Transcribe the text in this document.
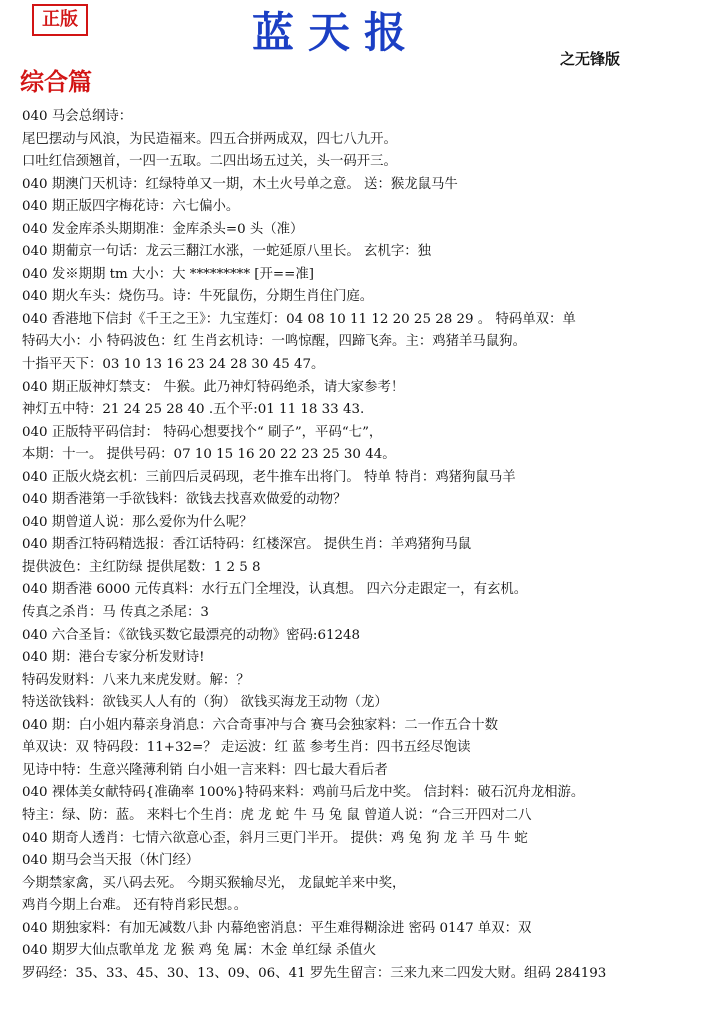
正版	蓝天报
之无锋版
综合篇
040 马会总纲诗：
尾巴摆动与风浪，为民造福来。四五合拼两成双，四七八九开。
口吐红信颈翘首，一四一五取。二四出场五过关，头一码开三。
040 期澳门天机诗：红绿特单又一期，木土火号单之意。 送：猴龙鼠马牛
040 期正版四字梅花诗：六七偏小。
040 发金库杀头期期准：金库杀头=0 头（准）
040 期葡京一句话：龙云三翻江水涨，一蛇延原八里长。 玄机字：独
040 发※期期 tm 大小：大 ********* [开==准]
040 期火车头：烧伤马。诗：牛死鼠伤，分期生肖住门庭。
040 香港地下信封《千王之王》：九宝莲灯：04 08 10 11 12 20 25 28 29 。 特码单双：单
特码大小：小 特码波色：红 生肖玄机诗：一鸣惊醒，四蹄飞奔。主：鸡猪羊马鼠狗。
十指平天下：03 10 13 16 23 24 28 30 45 47。
040 期正版神灯禁支： 牛猴。此乃神灯特码绝杀，请大家参考！
神灯五中特：21 24 25 28 40 .五个平:01 11 18 33 43.
040 正版特平码信封： 特码心想要找个“ 刷子”，平码“七”，
本期：十一。 提供号码：07 10 15 16 20 22 23 25 30 44。
040 正版火烧玄机：三前四后灵码现，老牛推车出将门。 特单 特肖：鸡猪狗鼠马羊
040 期香港第一手欲钱料：欲钱去找喜欢做爱的动物？
040 期曾道人说：那么爱你为什么呢？
040 期香江特码精选报：香江话特码：红楼深宫。 提供生肖：羊鸡猪狗马鼠
提供波色：主红防绿 提供尾数：1 2 5 8
040 期香港 6000 元传真料：水行五门全埋没，认真想。 四六分走跟定一，有玄机。
传真之杀肖：马 传真之杀尾：3
040 六合圣旨：《欲钱买数它最漂亮的动物》密码:61248
040 期：港台专家分析发财诗!
特码发财料：八来九来虎发财。解：？
特送欲钱料：欲钱买人人有的（狗） 欲钱买海龙王动物（龙）
040 期：白小姐内幕亲身消息：六合奇事冲与合 赛马会独家料：二一作五合十数
单双诀：双 特码段：11+32=？ 走运波：红 蓝 参考生肖：四书五经尽饱读
见诗中特：生意兴隆薄利销 白小姐一言来料：四七最大看后者
040 裸体美女献特码{准确率 100%}特码来料：鸡前马后龙中奖。 信封料：破石沉舟龙相游。
特主：绿、防：蓝。 来料七个生肖：虎 龙 蛇 牛 马 兔 鼠 曾道人说：“合三开四对二八
040 期奇人透肖：七情六欲意心歪，斜月三更门半开。 提供：鸡 兔 狗 龙 羊 马 牛 蛇
040 期马会当天报（休门经）
今期禁家禽，买八码去死。 今期买猴输尽光， 龙鼠蛇羊来中奖，
鸡肖今期上台难。 还有特肖彩民想。。
040 期独家料：有加无减数八卦 内幕绝密消息：平生难得糊涂进 密码 0147 单双：双
040 期罗大仙点歌单龙 龙 猴 鸡 兔 属：木金 单红绿 杀值火
罗码经：35、33、45、30、13、09、06、41 罗先生留言：三来九来二四发大财。组码 284193
